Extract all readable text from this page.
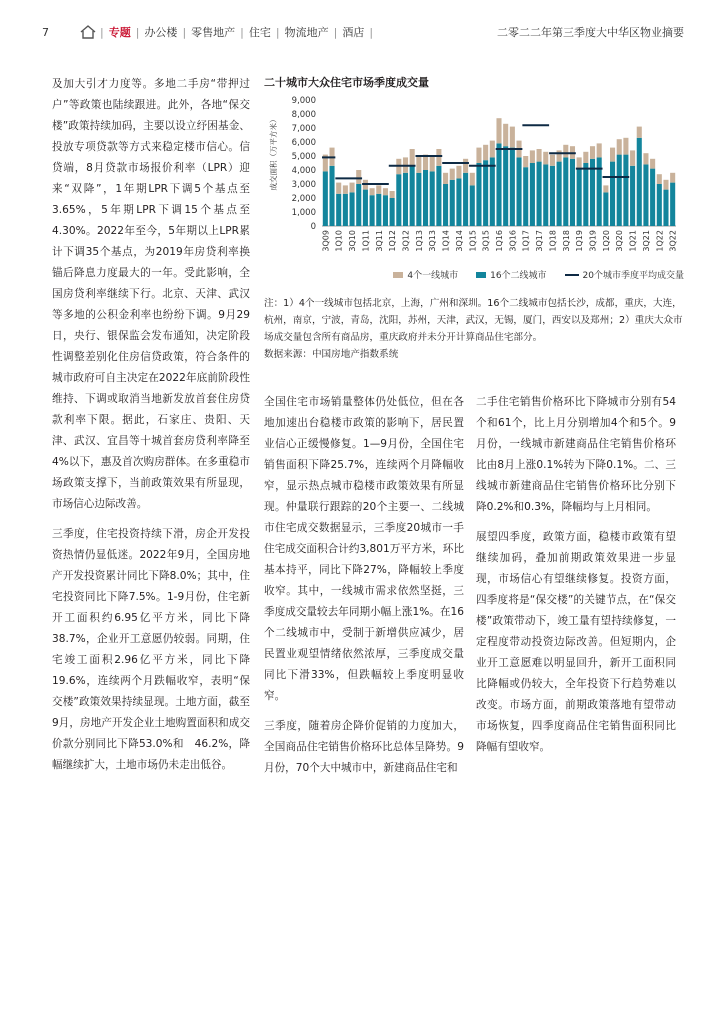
7	| 专题 | 办公楼 | 零售地产 | 住宅 | 物流地产 | 酒店 |	二零二二年第三季度大中华区物业摘要

及加大引才力度等。多地二手房“带押过户”等政策也陆续跟进。此外，各地“保交楼”政策持续加码，主要以设立纾困基金、投放专项贷款等方式来稳定楼市信心。信贷端，8月贷款市场报价利率（LPR）迎来“双降”，1年期LPR下调5个基点至3.65%，5年期LPR下调15个基点至4.30%。2022年至今，5年期以上LPR累计下调35个基点，为2019年房贷利率换锚后降息力度最大的一年。受此影响，全国房贷利率继续下行。北京、天津、武汉等多地的公积金利率也纷纷下调。9月29日，央行、银保监会发布通知，决定阶段性调整差别化住房信贷政策，符合条件的城市政府可自主决定在2022年底前阶段性维持、下调或取消当地新发放首套住房贷款利率下限。据此，石家庄、贵阳、天津、武汉、宜昌等十城首套房贷利率降至4%以下，惠及首次购房群体。在多重稳市场政策支撑下，当前政策效果有所显现，市场信心边际改善。

三季度，住宅投资持续下滑，房企开发投资热情仍显低迷。2022年9月，全国房地产开发投资累计同比下降8.0%；其中，住宅投资同比下降7.5%。1-9月份，住宅新开工面积约6.95亿平方米，同比下降38.7%，企业开工意愿仍较弱。同期，住宅竣工面积2.96亿平方米，同比下降19.6%，连续两个月跌幅收窄，表明“保交楼”政策效果持续显现。土地方面，截至9月，房地产开发企业土地购置面积和成交价款分别同比下降53.0%和　46.2%，降幅继续扩大，土地市场仍未走出低谷。

二十城市大众住宅市场季度成交量
0
1,000
2,000
3,000
4,000
5,000
6,000
7,000
8,000
9,000
成交面积（万平方米）
3Q09 1Q10 3Q10 1Q11 3Q11 1Q12 3Q12 1Q13 3Q13 1Q14 3Q14 1Q15 3Q15 1Q16 3Q16 1Q17 3Q17 1Q18 3Q18 1Q19 3Q19 1Q20 3Q20 1Q21 3Q21 1Q22 3Q22
4个一线城市	16个二线城市	20个城市季度平均成交量
注：1）4个一线城市包括北京，上海，广州和深圳。16个二线城市包括长沙，成都，重庆，大连，杭州，南京，宁波，青岛，沈阳，苏州，天津，武汉，无锡，厦门，西安以及郑州；2）重庆大众市场成交量包含所有商品房，重庆政府并未分开计算商品住宅部分。
数据来源：中国房地产指数系统

全国住宅市场销量整体仍处低位，但在各地加速出台稳楼市政策的影响下，居民置业信心正缓慢修复。1—9月份，全国住宅销售面积下降25.7%，连续两个月降幅收窄，显示热点城市稳楼市政策效果有所显现。仲量联行跟踪的20个主要一、二线城市住宅成交数据显示，三季度20城市一手住宅成交面积合计约3,801万平方米，环比基本持平，同比下降27%，降幅较上季度收窄。其中，一线城市需求依然坚挺，三季度成交量较去年同期小幅上涨1%。在16个二线城市中，受制于新增供应减少，居民置业观望情绪依然浓厚，三季度成交量同比下滑33%，但跌幅较上季度明显收窄。

三季度，随着房企降价促销的力度加大，全国商品住宅销售价格环比总体呈降势。9月份，70个大中城市中，新建商品住宅和

二手住宅销售价格环比下降城市分别有54个和61个，比上月分别增加4个和5个。9月份，一线城市新建商品住宅销售价格环比由8月上涨0.1%转为下降0.1%。二、三线城市新建商品住宅销售价格环比分别下降0.2%和0.3%，降幅均与上月相同。

展望四季度，政策方面，稳楼市政策有望继续加码，叠加前期政策效果进一步显现，市场信心有望继续修复。投资方面，四季度将是“保交楼”的关键节点，在“保交楼”政策带动下，竣工量有望持续修复，一定程度带动投资边际改善。但短期内，企业开工意愿难以明显回升，新开工面积同比降幅或仍较大，全年投资下行趋势难以改变。市场方面，前期政策落地有望带动市场恢复，四季度商品住宅销售面积同比降幅有望收窄。
